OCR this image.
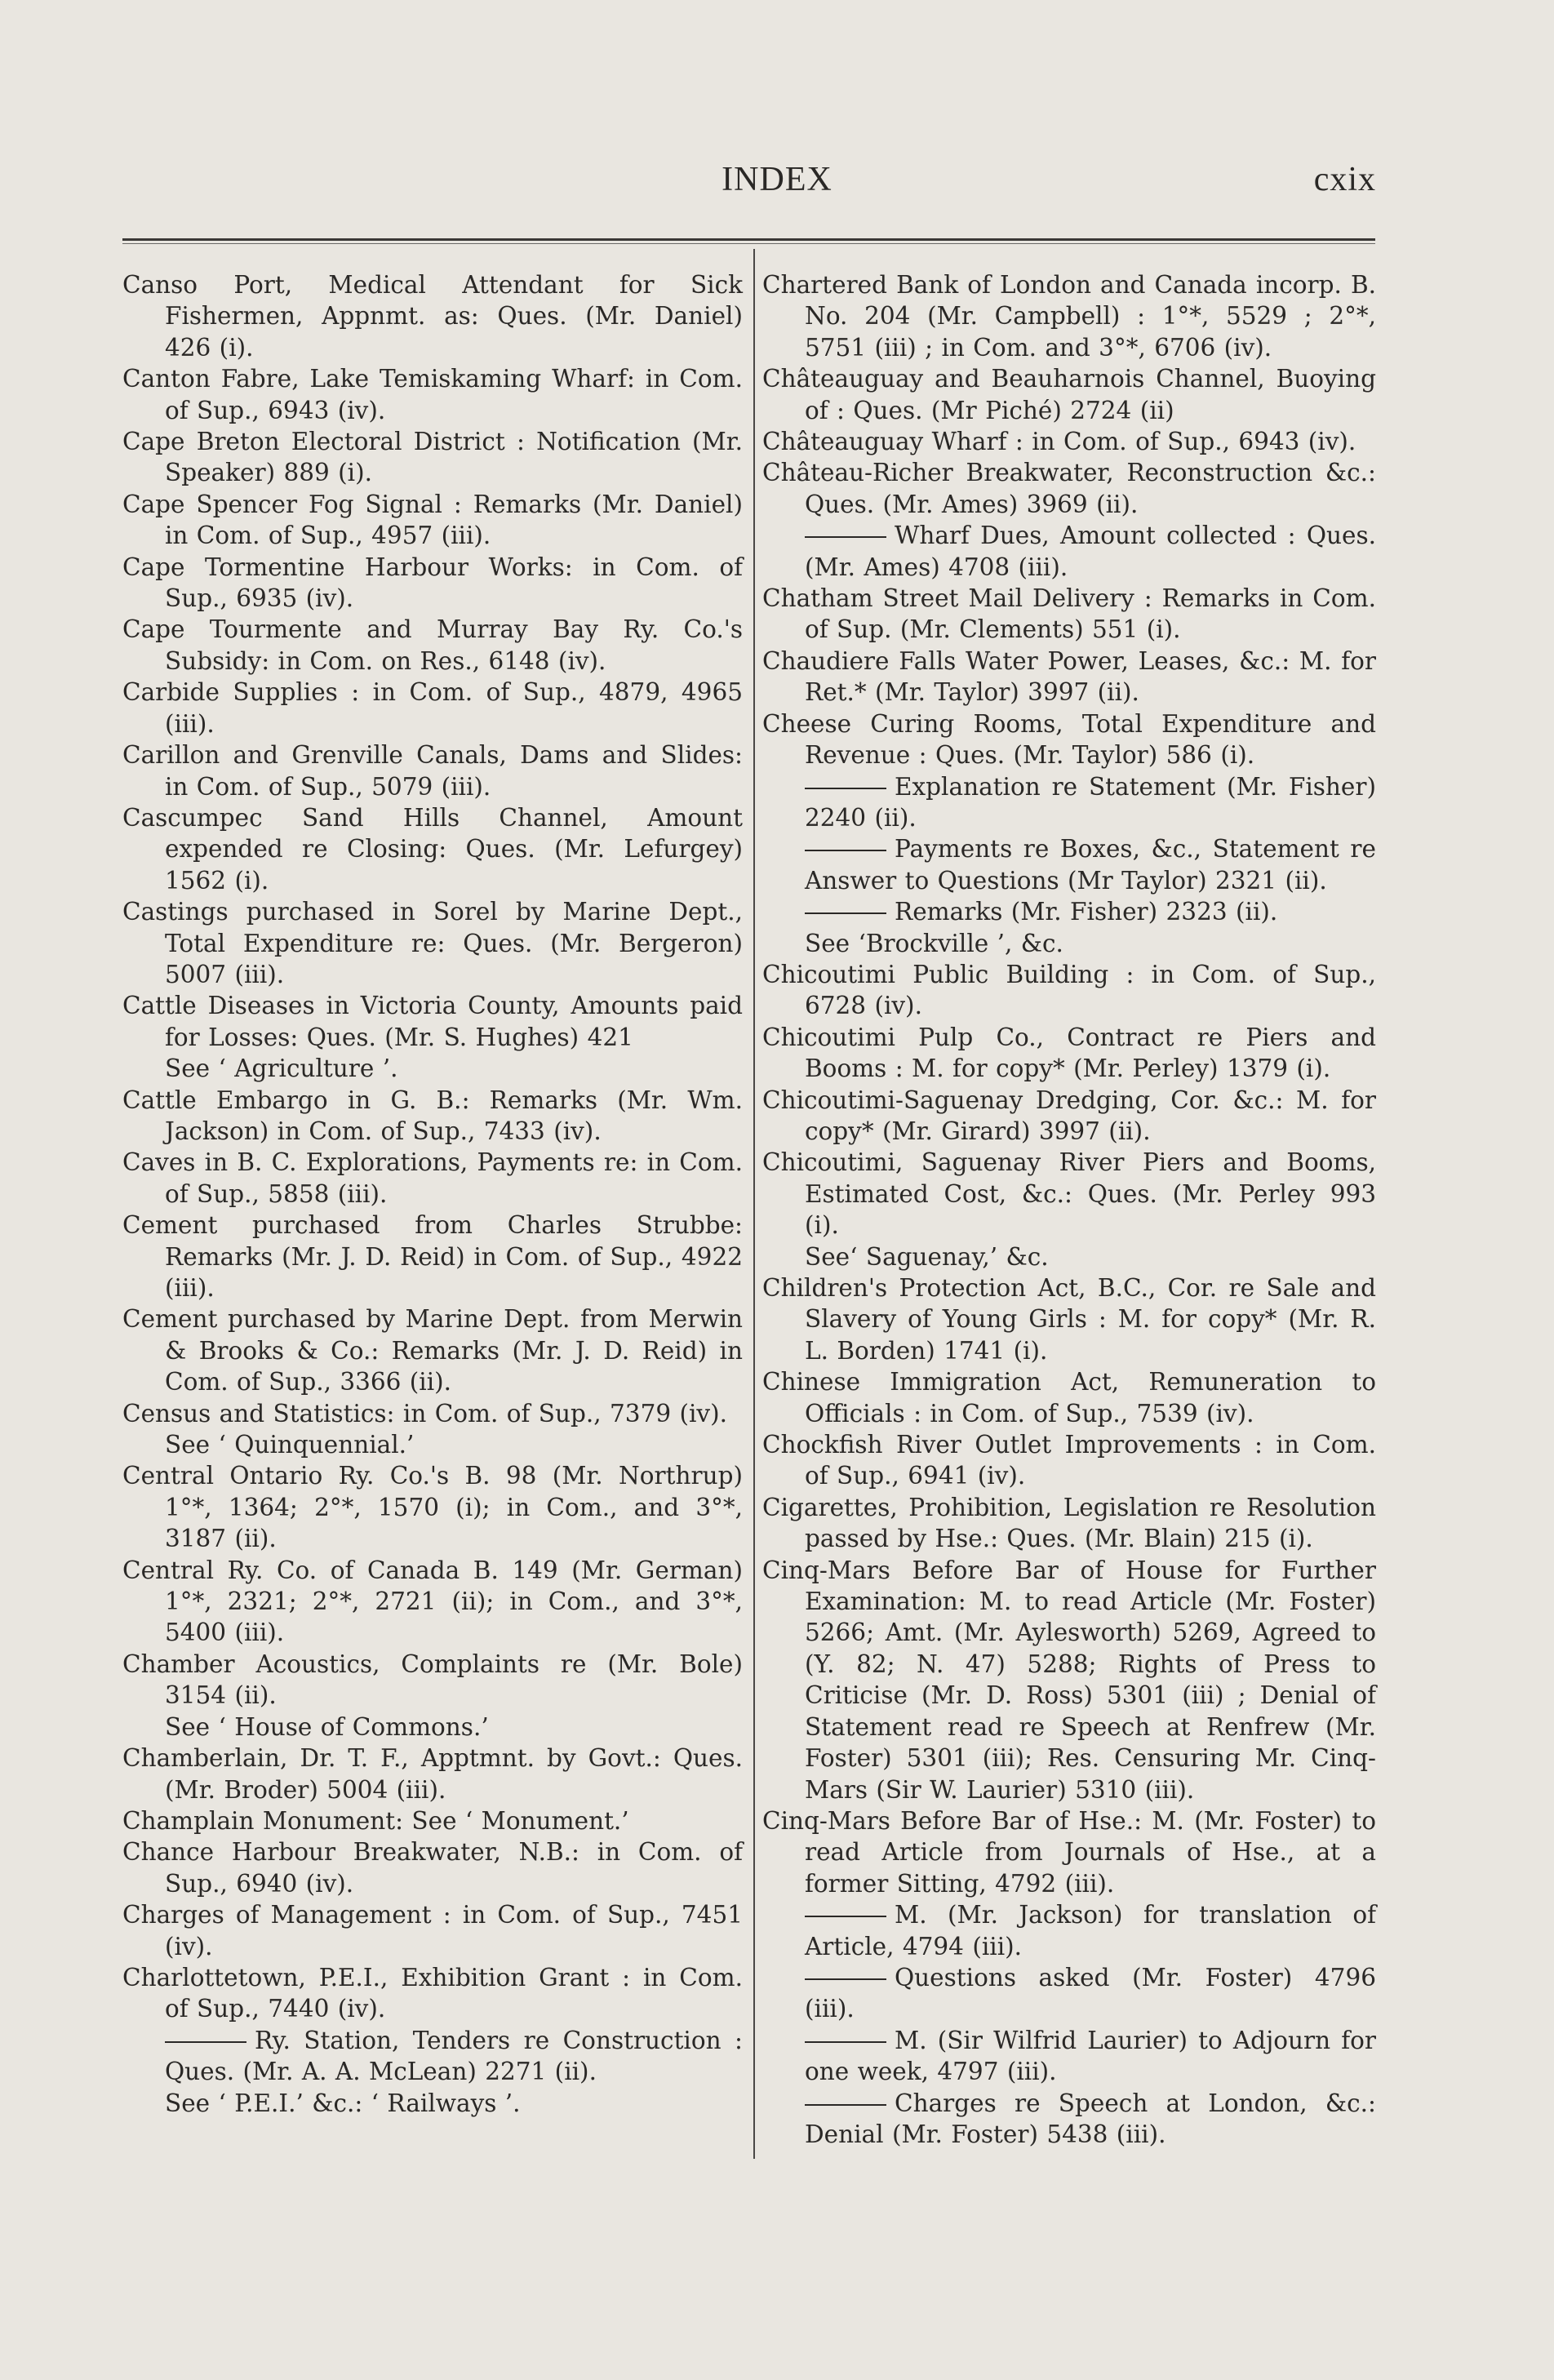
INDEX	cxix
Canso Port, Medical Attendant for Sick Fishermen, Appnmt. as: Ques. (Mr. Daniel) 426 (i).
Canton Fabre, Lake Temiskaming Wharf: in Com. of Sup., 6943 (iv).
Cape Breton Electoral District : Notification (Mr. Speaker) 889 (i).
Cape Spencer Fog Signal : Remarks (Mr. Daniel) in Com. of Sup., 4957 (iii).
Cape Tormentine Harbour Works: in Com. of Sup., 6935 (iv).
Cape Tourmente and Murray Bay Ry. Co.'s Subsidy: in Com. on Res., 6148 (iv).
Carbide Supplies : in Com. of Sup., 4879, 4965 (iii).
Carillon and Grenville Canals, Dams and Slides: in Com. of Sup., 5079 (iii).
Cascumpec Sand Hills Channel, Amount expended re Closing: Ques. (Mr. Lefurgey) 1562 (i).
Castings purchased in Sorel by Marine Dept., Total Expenditure re: Ques. (Mr. Bergeron) 5007 (iii).
Cattle Diseases in Victoria County, Amounts paid for Losses: Ques. (Mr. S. Hughes) 421
See ‘ Agriculture ’.
Cattle Embargo in G. B.: Remarks (Mr. Wm. Jackson) in Com. of Sup., 7433 (iv).
Caves in B. C. Explorations, Payments re: in Com. of Sup., 5858 (iii).
Cement purchased from Charles Strubbe: Remarks (Mr. J. D. Reid) in Com. of Sup., 4922 (iii).
Cement purchased by Marine Dept. from Merwin & Brooks & Co.: Remarks (Mr. J. D. Reid) in Com. of Sup., 3366 (ii).
Census and Statistics: in Com. of Sup., 7379 (iv).
See ‘ Quinquennial.’
Central Ontario Ry. Co.'s B. 98 (Mr. Northrup) 1°*, 1364; 2°*, 1570 (i); in Com., and 3°*, 3187 (ii).
Central Ry. Co. of Canada B. 149 (Mr. German) 1°*, 2321; 2°*, 2721 (ii); in Com., and 3°*, 5400 (iii).
Chamber Acoustics, Complaints re (Mr. Bole) 3154 (ii).
See ‘ House of Commons.’
Chamberlain, Dr. T. F., Apptmnt. by Govt.: Ques. (Mr. Broder) 5004 (iii).
Champlain Monument: See ‘ Monument.’
Chance Harbour Breakwater, N.B.: in Com. of Sup., 6940 (iv).
Charges of Management : in Com. of Sup., 7451 (iv).
Charlottetown, P.E.I., Exhibition Grant : in Com. of Sup., 7440 (iv).
Ry. Station, Tenders re Construction : Ques. (Mr. A. A. McLean) 2271 (ii).
See ‘ P.E.I.’ &c.: ‘ Railways ’.
Chartered Bank of London and Canada incorp. B. No. 204 (Mr. Campbell) : 1°*, 5529 ; 2°*, 5751 (iii) ; in Com. and 3°*, 6706 (iv).
Châteauguay and Beauharnois Channel, Buoying of : Ques. (Mr Piché) 2724 (ii)
Châteauguay Wharf : in Com. of Sup., 6943 (iv).
Château-Richer Breakwater, Reconstruction &c.: Ques. (Mr. Ames) 3969 (ii).
Wharf Dues, Amount collected : Ques. (Mr. Ames) 4708 (iii).
Chatham Street Mail Delivery : Remarks in Com. of Sup. (Mr. Clements) 551 (i).
Chaudiere Falls Water Power, Leases, &c.: M. for Ret.* (Mr. Taylor) 3997 (ii).
Cheese Curing Rooms, Total Expenditure and Revenue : Ques. (Mr. Taylor) 586 (i).
Explanation re Statement (Mr. Fisher) 2240 (ii).
Payments re Boxes, &c., Statement re Answer to Questions (Mr Taylor) 2321 (ii).
Remarks (Mr. Fisher) 2323 (ii).
See ‘Brockville ’, &c.
Chicoutimi Public Building : in Com. of Sup., 6728 (iv).
Chicoutimi Pulp Co., Contract re Piers and Booms : M. for copy* (Mr. Perley) 1379 (i).
Chicoutimi-Saguenay Dredging, Cor. &c.: M. for copy* (Mr. Girard) 3997 (ii).
Chicoutimi, Saguenay River Piers and Booms, Estimated Cost, &c.: Ques. (Mr. Perley 993 (i).
See‘ Saguenay,’ &c.
Children's Protection Act, B.C., Cor. re Sale and Slavery of Young Girls : M. for copy* (Mr. R. L. Borden) 1741 (i).
Chinese Immigration Act, Remuneration to Officials : in Com. of Sup., 7539 (iv).
Chockfish River Outlet Improvements : in Com. of Sup., 6941 (iv).
Cigarettes, Prohibition, Legislation re Resolution passed by Hse.: Ques. (Mr. Blain) 215 (i).
Cinq-Mars Before Bar of House for Further Examination: M. to read Article (Mr. Foster) 5266; Amt. (Mr. Aylesworth) 5269, Agreed to (Y. 82; N. 47) 5288; Rights of Press to Criticise (Mr. D. Ross) 5301 (iii) ; Denial of Statement read re Speech at Renfrew (Mr. Foster) 5301 (iii); Res. Censuring Mr. Cinq-Mars (Sir W. Laurier) 5310 (iii).
Cinq-Mars Before Bar of Hse.: M. (Mr. Foster) to read Article from Journals of Hse., at a former Sitting, 4792 (iii).
M. (Mr. Jackson) for translation of Article, 4794 (iii).
Questions asked (Mr. Foster) 4796 (iii).
M. (Sir Wilfrid Laurier) to Adjourn for one week, 4797 (iii).
Charges re Speech at London, &c.: Denial (Mr. Foster) 5438 (iii).
